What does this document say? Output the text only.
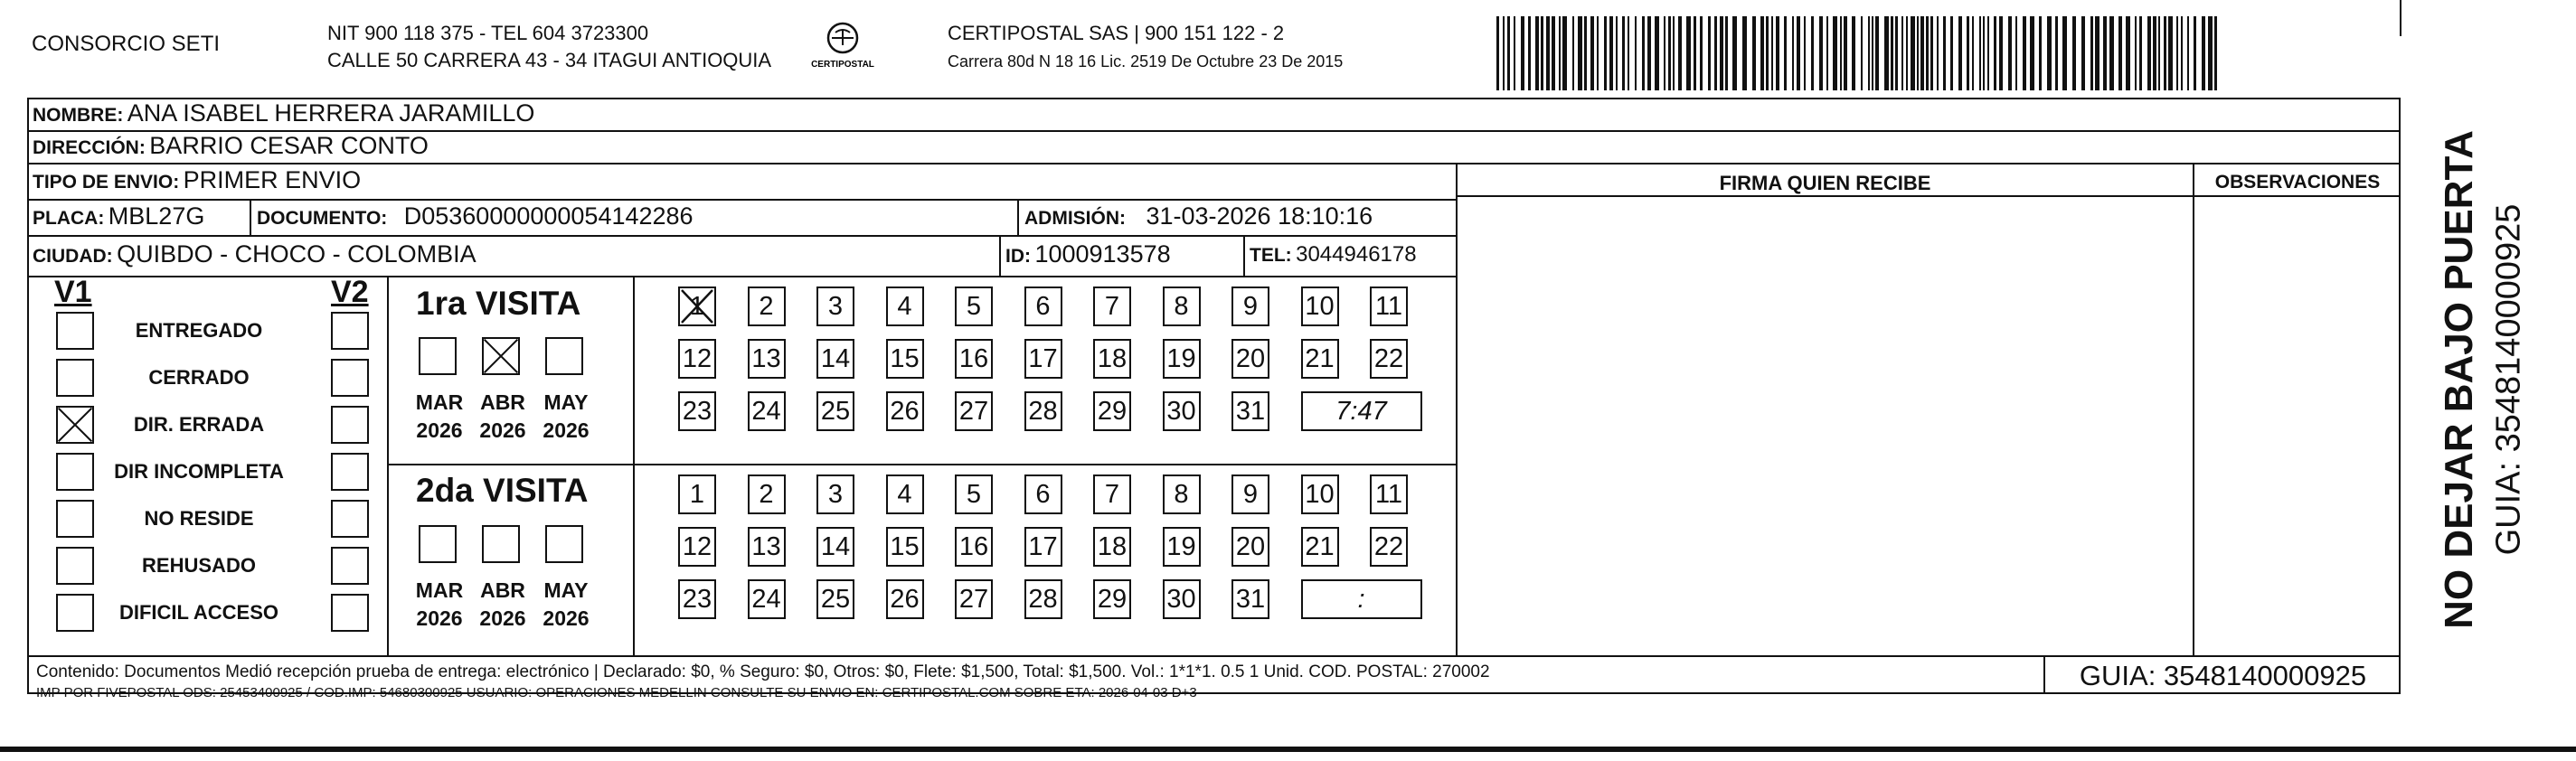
CONSORCIO SETI	NIT 900 118 375 - TEL 604 3723300
CALLE 50 CARRERA 43 - 34 ITAGUI ANTIOQUIA	CERTIPOSTAL
CERTIPOSTAL SAS | 900 151 122 - 2
Carrera 80d N 18 16 Lic. 2519 De Octubre 23 De 2015
NOMBRE: ANA ISABEL HERRERA JARAMILLO
DIRECCIÓN: BARRIO CESAR CONTO
TIPO DE ENVIO: PRIMER ENVIO
PLACA: MBL27G	DOCUMENTO: D05360000000054142286	ADMISIÓN: 31-03-2026 18:10:16
CIUDAD: QUIBDO - CHOCO - COLOMBIA	ID: 1000913578	TEL: 3044946178
FIRMA QUIEN RECIBE	OBSERVACIONES
V1	V2
ENTREGADO
CERRADO
DIR. ERRADA
DIR INCOMPLETA
NO RESIDE
REHUSADO
DIFICIL ACCESO
1ra VISITA
MAR
2026
ABR
2026
MAY
2026
1	2	3	4	5	6	7	8	9	10 11
12 13 14 15 16 17 18 19 20 21 22
23 24 25 26 27 28 29 30 31	7:47
2da VISITA
MAR
2026
ABR
2026
MAY
2026
1	2	3	4	5	6	7	8	9	10 11
12 13 14 15 16 17 18 19 20 21 22
23 24 25 26 27 28 29 30 31	:
Contenido: Documentos Medió recepción prueba de entrega: electrónico | Declarado: $0, % Seguro: $0, Otros: $0, Flete: $1,500, Total: $1,500. Vol.: 1*1*1. 0.5 1 Unid. COD. POSTAL: 270002
IMP POR FIVEPOSTAL ODS: 25453400925 / COD.IMP: 54680300925 USUARIO: OPERACIONES MEDELLIN CONSULTE SU ENVIO EN: CERTIPOSTAL.COM SOBRE ETA: 2026-04-03 D+3
GUIA: 3548140000925
NO DEJAR BAJO PUERTA GUIA: 3548140000925
